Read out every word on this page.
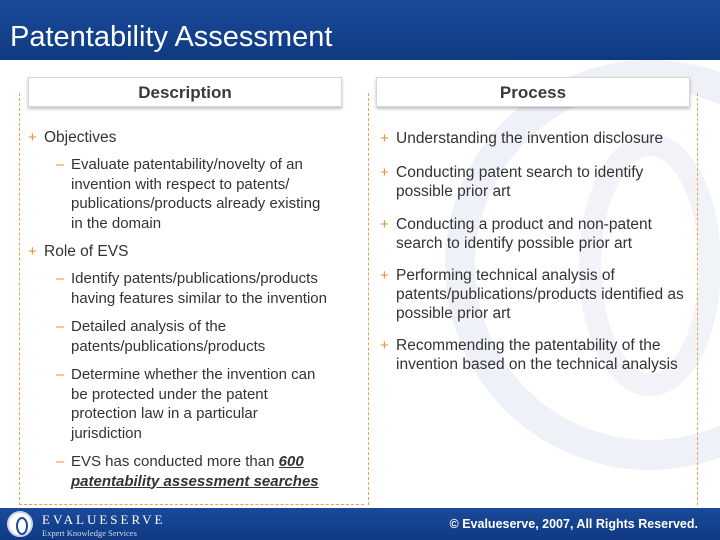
Patentability Assessment
Description	Process
+ Objectives
– Evaluate patentability/novelty of an
invention with respect to patents/
publications/products already existing
in the domain
+ Role of EVS
– Identify patents/publications/products
having features similar to the invention
– Detailed analysis of the
patents/publications/products
– Determine whether the invention can
be protected under the patent
protection law in a particular
jurisdiction
– EVS has conducted more than 600
patentability assessment searches
+ Understanding the invention disclosure
+ Conducting patent search to identify
possible prior art
+ Conducting a product and non-patent
search to identify possible prior art
+ Performing technical analysis of
patents/publications/products identified as
possible prior art
+ Recommending the patentability of the
invention based on the technical analysis
EVALUESERVE
Expert Knowledge Services
© Evalueserve, 2007, All Rights Reserved.
